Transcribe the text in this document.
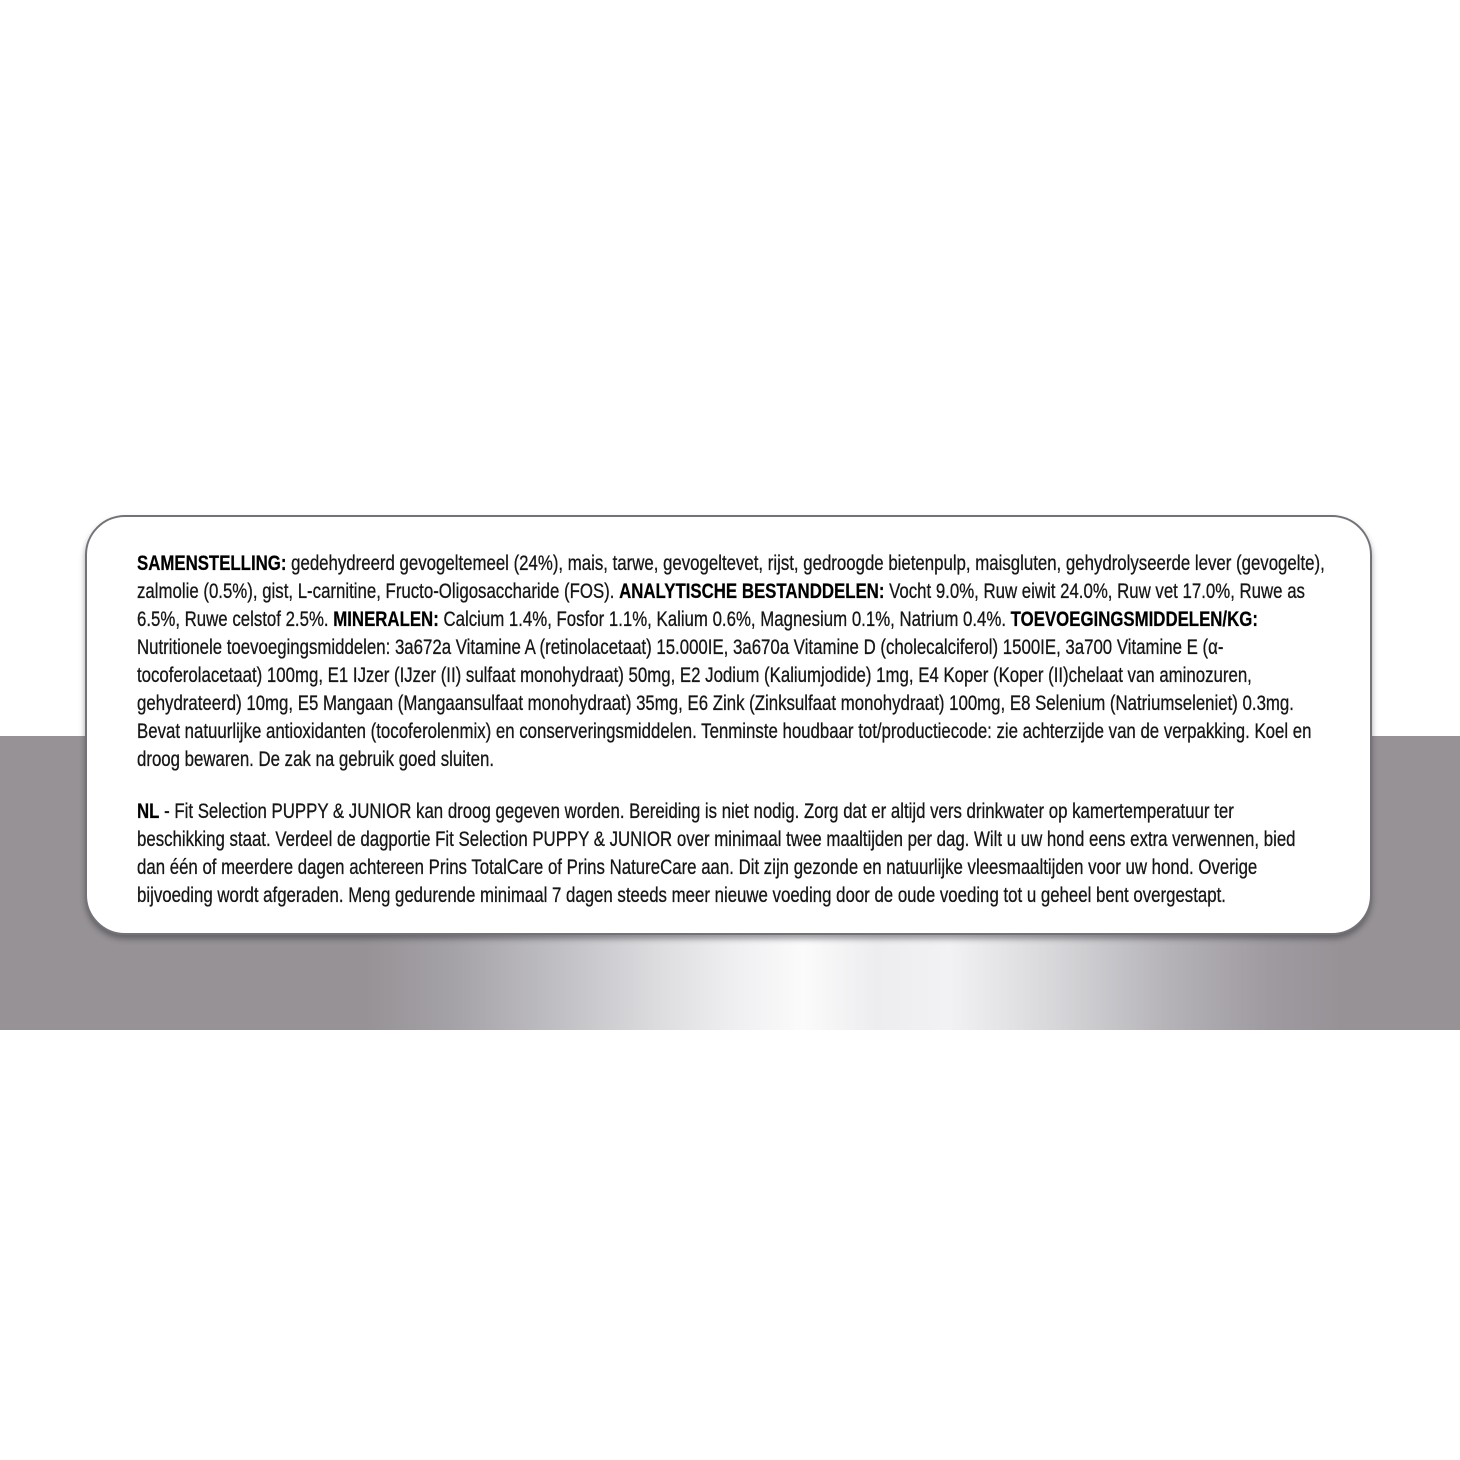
SAMENSTELLING: gedehydreerd gevogeltemeel (24%), mais, tarwe, gevogeltevet, rijst, gedroogde bietenpulp, maisgluten, gehydrolyseerde lever (gevogelte), zalmolie (0.5%), gist, L-carnitine, Fructo-Oligosaccharide (FOS). ANALYTISCHE BESTANDDELEN: Vocht 9.0%, Ruw eiwit 24.0%, Ruw vet 17.0%, Ruwe as 6.5%, Ruwe celstof 2.5%. MINERALEN: Calcium 1.4%, Fosfor 1.1%, Kalium 0.6%, Magnesium 0.1%, Natrium 0.4%. TOEVOEGINGSMIDDELEN/KG: Nutritionele toevoegingsmiddelen: 3a672a Vitamine A (retinolacetaat) 15.000IE, 3a670a Vitamine D (cholecalciferol) 1500IE, 3a700 Vitamine E (α-tocoferolacetaat) 100mg, E1 IJzer (IJzer (II) sulfaat monohydraat) 50mg, E2 Jodium (Kaliumjodide) 1mg, E4 Koper (Koper (II)chelaat van aminozuren, gehydrateerd) 10mg, E5 Mangaan (Mangaansulfaat monohydraat) 35mg, E6 Zink (Zinksulfaat monohydraat) 100mg, E8 Selenium (Natriumseleniet) 0.3mg. Bevat natuurlijke antioxidanten (tocoferolenmix) en conserveringsmiddelen. Tenminste houdbaar tot/productiecode: zie achterzijde van de verpakking. Koel en droog bewaren. De zak na gebruik goed sluiten.

NL - Fit Selection PUPPY & JUNIOR kan droog gegeven worden. Bereiding is niet nodig. Zorg dat er altijd vers drinkwater op kamertemperatuur ter beschikking staat. Verdeel de dagportie Fit Selection PUPPY & JUNIOR over minimaal twee maaltijden per dag. Wilt u uw hond eens extra verwennen, bied dan één of meerdere dagen achtereen Prins TotalCare of Prins NatureCare aan. Dit zijn gezonde en natuurlijke vleesmaaltijden voor uw hond. Overige bijvoeding wordt afgeraden. Meng gedurende minimaal 7 dagen steeds meer nieuwe voeding door de oude voeding tot u geheel bent overgestapt.
